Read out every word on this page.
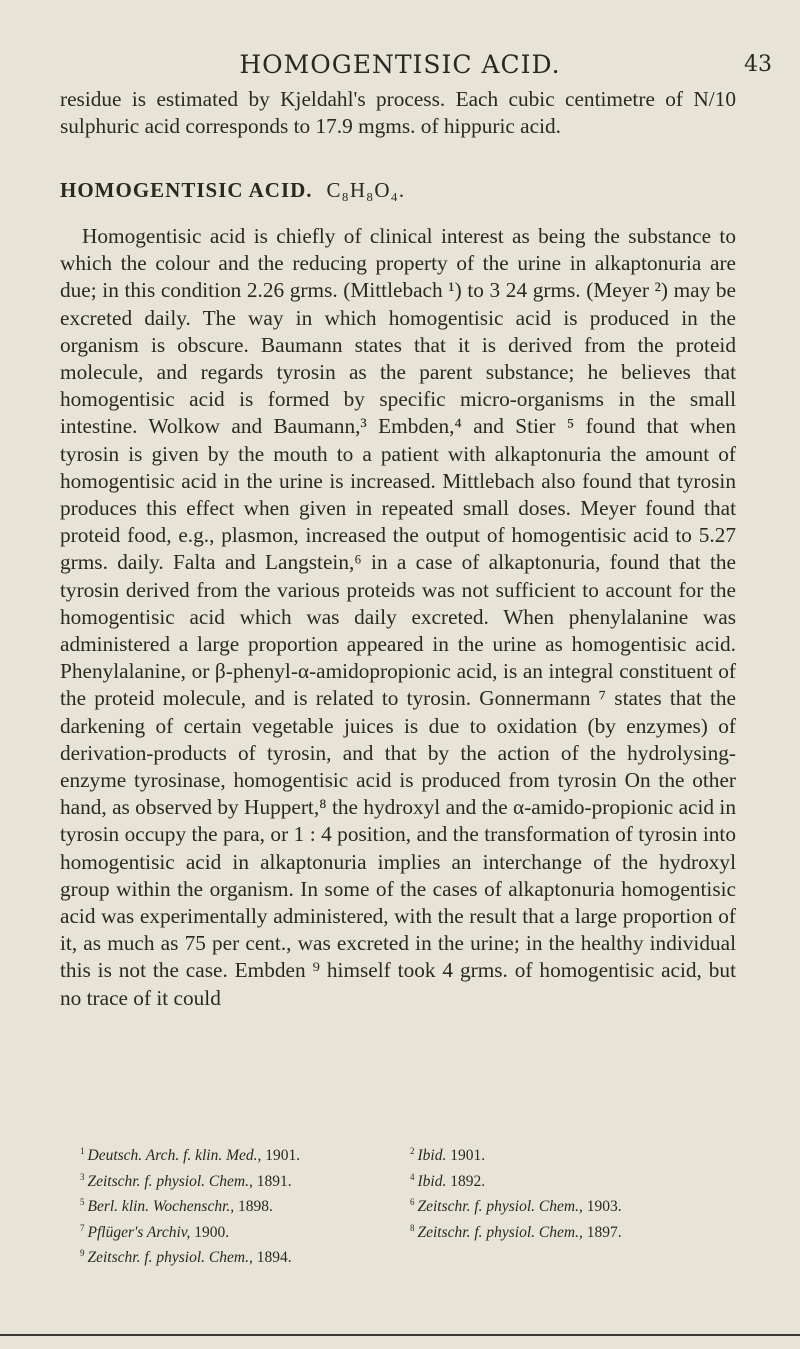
HOMOGENTISIC ACID.	43

residue is estimated by Kjeldahl's process. Each cubic centimetre of N/10 sulphuric acid corresponds to 17.9 mgms. of hippuric acid.

HOMOGENTISIC ACID. C₈H₈O₄.

Homogentisic acid is chiefly of clinical interest as being the substance to which the colour and the reducing property of the urine in alkaptonuria are due; in this condition 2.26 grms. (Mittlebach ¹) to 3 24 grms. (Meyer ²) may be excreted daily. The way in which homogentisic acid is produced in the organism is obscure. Baumann states that it is derived from the proteid molecule, and regards tyrosin as the parent substance; he believes that homogentisic acid is formed by specific micro-organisms in the small intestine. Wolkow and Baumann,³ Embden,⁴ and Stier ⁵ found that when tyrosin is given by the mouth to a patient with alkaptonuria the amount of homogentisic acid in the urine is increased. Mittlebach also found that tyrosin produces this effect when given in repeated small doses. Meyer found that proteid food, e.g., plasmon, increased the output of homogentisic acid to 5.27 grms. daily. Falta and Langstein,⁶ in a case of alkaptonuria, found that the tyrosin derived from the various proteids was not sufficient to account for the homogentisic acid which was daily excreted. When phenylalanine was administered a large proportion appeared in the urine as homogentisic acid. Phenylalanine, or β-phenyl-α-amidopropionic acid, is an integral constituent of the proteid molecule, and is related to tyrosin. Gonnermann ⁷ states that the darkening of certain vegetable juices is due to oxidation (by enzymes) of derivation-products of tyrosin, and that by the action of the hydrolysing-enzyme tyrosinase, homogentisic acid is produced from tyrosin On the other hand, as observed by Huppert,⁸ the hydroxyl and the α-amido-propionic acid in tyrosin occupy the para, or 1 : 4 position, and the transformation of tyrosin into homogentisic acid in alkaptonuria implies an interchange of the hydroxyl group within the organism. In some of the cases of alkaptonuria homogentisic acid was experimentally administered, with the result that a large proportion of it, as much as 75 per cent., was excreted in the urine; in the healthy individual this is not the case. Embden ⁹ himself took 4 grms. of homogentisic acid, but no trace of it could

$^1$ Deutsch. Arch. f. klin. Med., 1901.	$^2$ Ibid. 1901.
$^3$ Zeitschr. f. physiol. Chem., 1891.	$^4$ Ibid. 1892.
$^5$ Berl. klin. Wochenschr., 1898.	$^6$ Zeitschr. f. physiol. Chem., 1903.
$^7$ Pflüger's Archiv, 1900.	$^8$ Zeitschr. f. physiol. Chem., 1897.
$^9$ Zeitschr. f. physiol. Chem., 1894.
